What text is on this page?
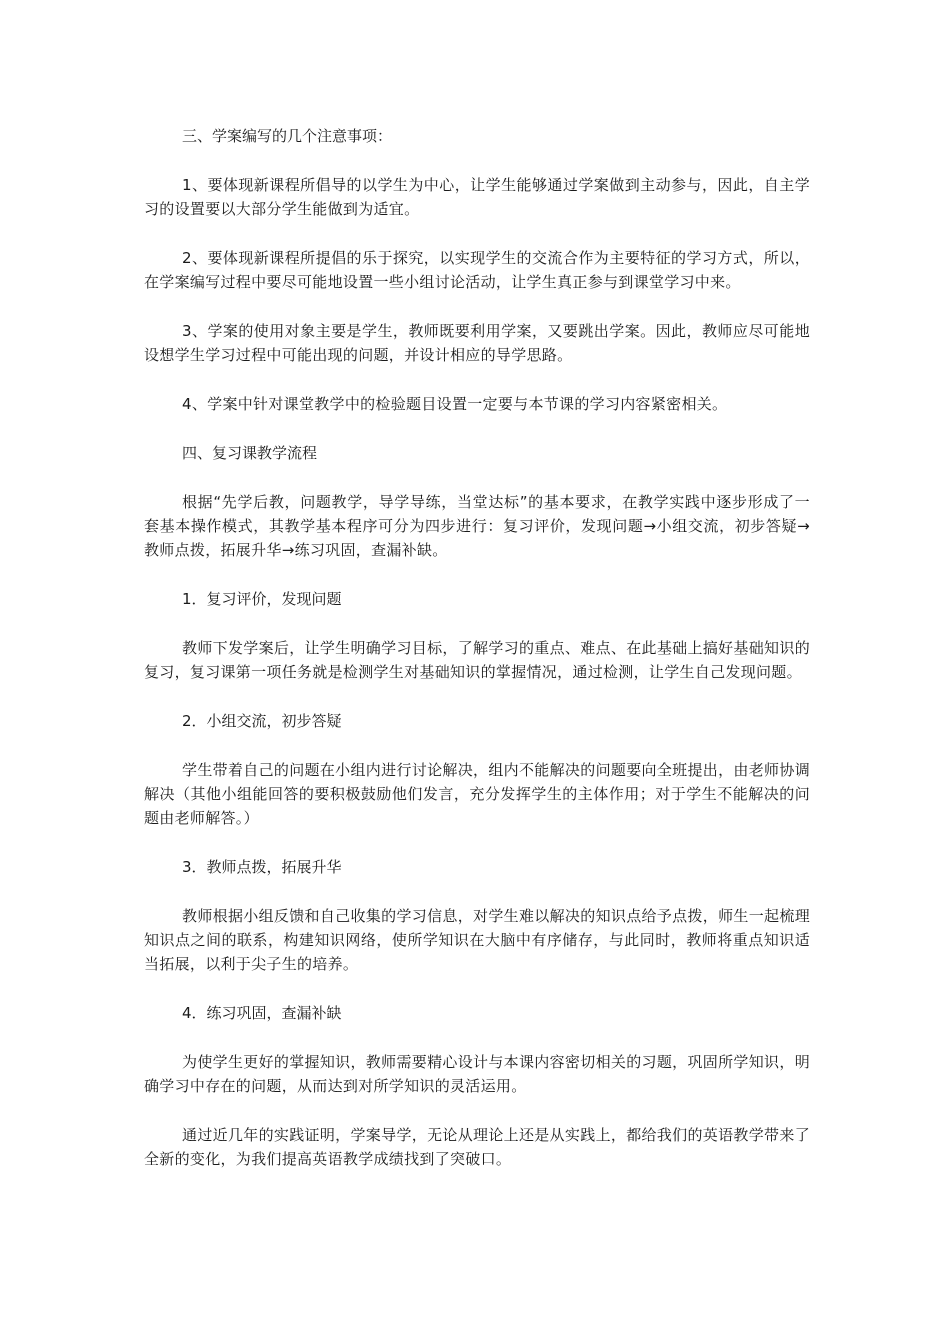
三、学案编写的几个注意事项：

1、要体现新课程所倡导的以学生为中心，让学生能够通过学案做到主动参与，因此，自主学习的设置要以大部分学生能做到为适宜。

2、要体现新课程所提倡的乐于探究，以实现学生的交流合作为主要特征的学习方式，所以，在学案编写过程中要尽可能地设置一些小组讨论活动，让学生真正参与到课堂学习中来。

3、学案的使用对象主要是学生，教师既要利用学案，又要跳出学案。因此，教师应尽可能地设想学生学习过程中可能出现的问题，并设计相应的导学思路。

4、学案中针对课堂教学中的检验题目设置一定要与本节课的学习内容紧密相关。

四、复习课教学流程

根据“先学后教，问题教学，导学导练，当堂达标”的基本要求，在教学实践中逐步形成了一套基本操作模式，其教学基本程序可分为四步进行：复习评价，发现问题→小组交流，初步答疑→教师点拨，拓展升华→练习巩固，查漏补缺。

1．复习评价，发现问题

教师下发学案后，让学生明确学习目标，了解学习的重点、难点、在此基础上搞好基础知识的复习，复习课第一项任务就是检测学生对基础知识的掌握情况，通过检测，让学生自己发现问题。

2．小组交流，初步答疑

学生带着自己的问题在小组内进行讨论解决，组内不能解决的问题要向全班提出，由老师协调解决（其他小组能回答的要积极鼓励他们发言，充分发挥学生的主体作用；对于学生不能解决的问题由老师解答。）

3．教师点拨，拓展升华

教师根据小组反馈和自己收集的学习信息，对学生难以解决的知识点给予点拨，师生一起梳理知识点之间的联系，构建知识网络，使所学知识在大脑中有序储存，与此同时，教师将重点知识适当拓展，以利于尖子生的培养。

4．练习巩固，查漏补缺

为使学生更好的掌握知识，教师需要精心设计与本课内容密切相关的习题，巩固所学知识，明确学习中存在的问题，从而达到对所学知识的灵活运用。

通过近几年的实践证明，学案导学，无论从理论上还是从实践上，都给我们的英语教学带来了全新的变化，为我们提高英语教学成绩找到了突破口。
